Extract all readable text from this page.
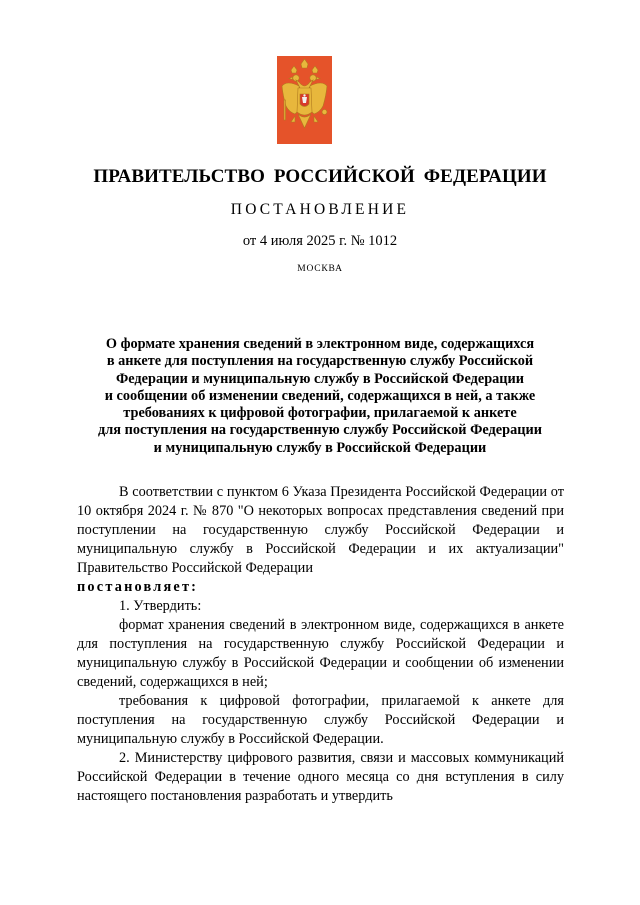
ПРАВИТЕЛЬСТВО РОССИЙСКОЙ ФЕДЕРАЦИИ
ПОСТАНОВЛЕНИЕ
от 4 июля 2025 г. № 1012
МОСКВА
О формате хранения сведений в электронном виде, содержащихся
в анкете для поступления на государственную службу Российской
Федерации и муниципальную службу в Российской Федерации
и сообщении об изменении сведений, содержащихся в ней, а также
требованиях к цифровой фотографии, прилагаемой к анкете
для поступления на государственную службу Российской Федерации
и муниципальную службу в Российской Федерации

В соответствии с пунктом 6 Указа Президента Российской Федерации от 10 октября 2024 г. № 870 "О некоторых вопросах представления сведений при поступлении на государственную службу Российской Федерации и муниципальную службу в Российской Федерации и их актуализации" Правительство Российской Федерации
постановляет:

1. Утвердить:

формат хранения сведений в электронном виде, содержащихся в анкете для поступления на государственную службу Российской Федерации и муниципальную службу в Российской Федерации и сообщении об изменении сведений, содержащихся в ней;

требования к цифровой фотографии, прилагаемой к анкете для поступления на государственную службу Российской Федерации и муниципальную службу в Российской Федерации.

2. Министерству цифрового развития, связи и массовых коммуникаций Российской Федерации в течение одного месяца со дня вступления в силу настоящего постановления разработать и утвердить
